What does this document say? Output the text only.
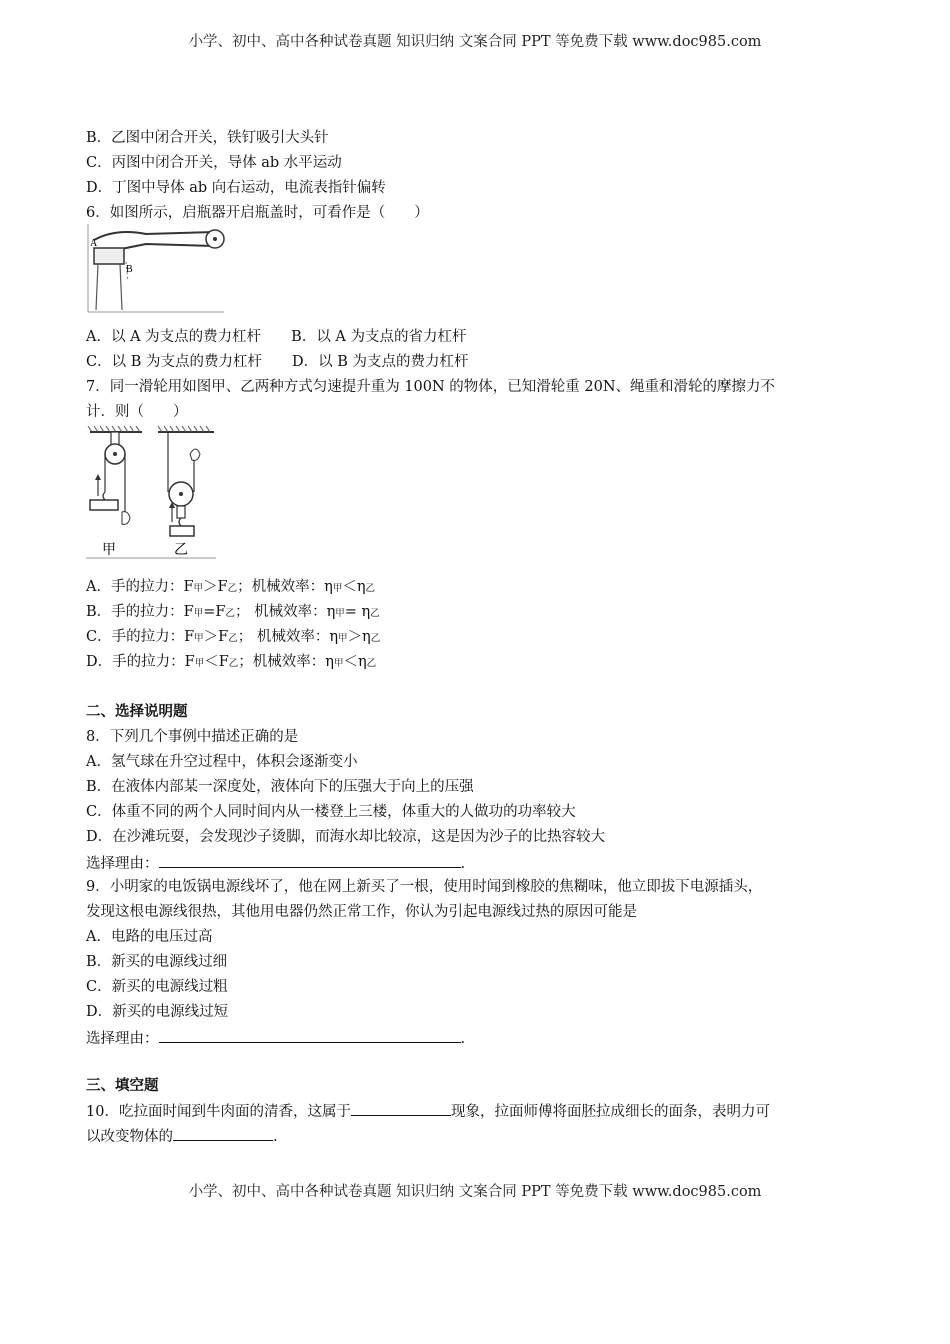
小学、初中、高中各种试卷真题 知识归纳 文案合同 PPT 等免费下载 www.doc985.com
B．乙图中闭合开关，铁钉吸引大头针
C．丙图中闭合开关，导体 ab 水平运动
D．丁图中导体 ab 向右运动，电流表指针偏转
6．如图所示，启瓶器开启瓶盖时，可看作是（　　）
A
B
A．以 A 为支点的费力杠杆 B．以 A 为支点的省力杠杆
C．以 B 为支点的费力杠杆 D．以 B 为支点的费力杠杆
7．同一滑轮用如图甲、乙两种方式匀速提升重为 100N 的物体，已知滑轮重 20N、绳重和滑轮的摩擦力不
计．则（　　）
甲	乙
A．手的拉力：F甲＞F乙；机械效率：η甲＜η乙
B．手的拉力：F甲=F乙； 机械效率：η甲= η乙
C．手的拉力：F甲＞F乙； 机械效率：η甲＞η乙
D．手的拉力：F甲＜F乙；机械效率：η甲＜η乙
二、选择说明题
8．下列几个事例中描述正确的是
A．氢气球在升空过程中，体积会逐渐变小
B．在液体内部某一深度处，液体向下的压强大于向上的压强
C．体重不同的两个人同时间内从一楼登上三楼，体重大的人做功的功率较大
D．在沙滩玩耍，会发现沙子烫脚，而海水却比较凉，这是因为沙子的比热容较大
选择理由：	.
9．小明家的电饭锅电源线坏了，他在网上新买了一根，使用时闻到橡胶的焦糊味，他立即拔下电源插头，
发现这根电源线很热，其他用电器仍然正常工作，你认为引起电源线过热的原因可能是
A．电路的电压过高
B．新买的电源线过细
C．新买的电源线过粗
D．新买的电源线过短
选择理由：	.
三、填空题
10．吃拉面时闻到牛肉面的清香，这属于	现象，拉面师傅将面胚拉成细长的面条，表明力可
以改变物体的	.
小学、初中、高中各种试卷真题 知识归纳 文案合同 PPT 等免费下载 www.doc985.com
